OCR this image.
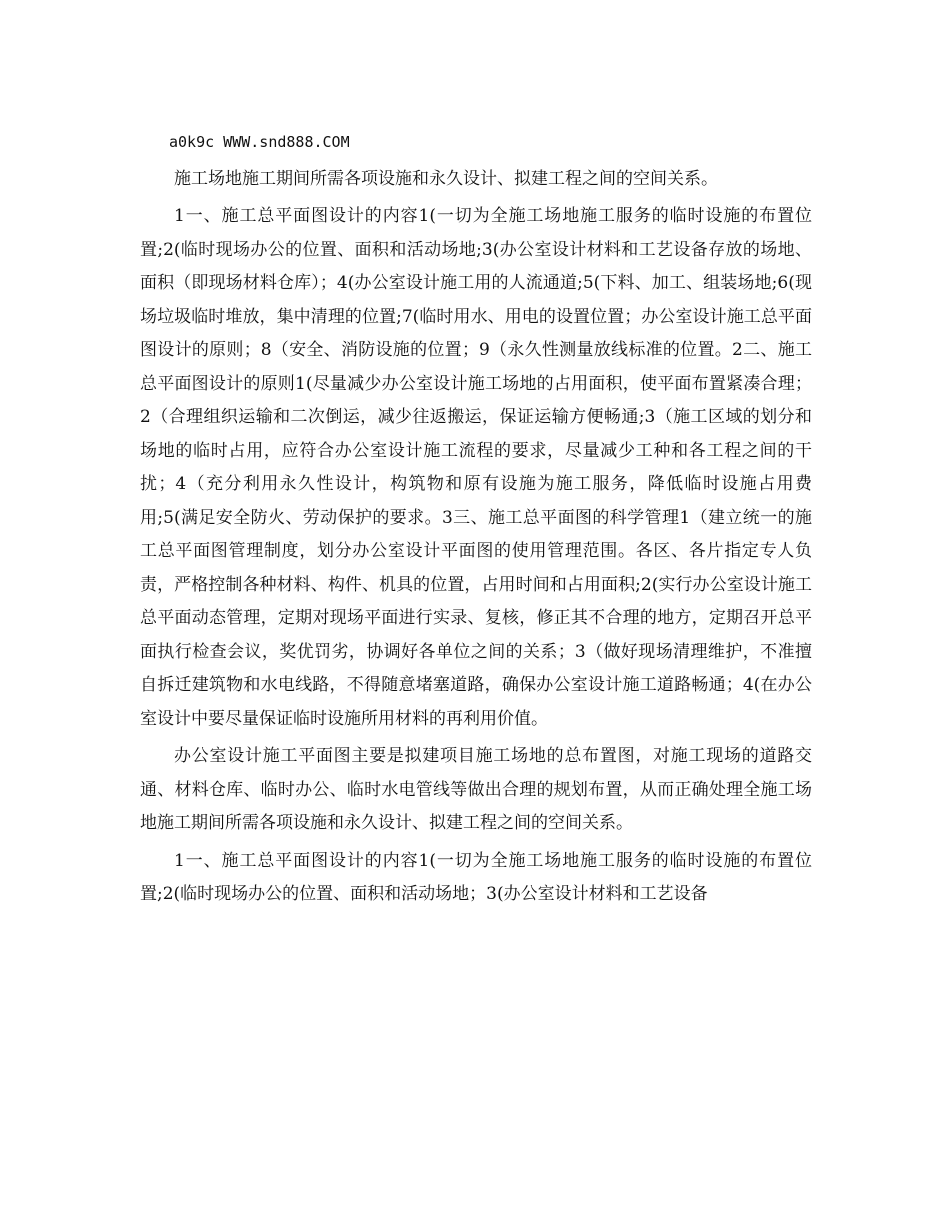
a0k9c WWW.snd888.COM

施工场地施工期间所需各项设施和永久设计、拟建工程之间的空间关系。

1一、施工总平面图设计的内容1(一切为全施工场地施工服务的临时设施的布置位置;2(临时现场办公的位置、面积和活动场地;3(办公室设计材料和工艺设备存放的场地、面积（即现场材料仓库）；4(办公室设计施工用的人流通道;5(下料、加工、组装场地;6(现场垃圾临时堆放，集中清理的位置;7(临时用水、用电的设置位置；办公室设计施工总平面图设计的原则；8（安全、消防设施的位置；9（永久性测量放线标准的位置。2二、施工总平面图设计的原则1(尽量减少办公室设计施工场地的占用面积，使平面布置紧凑合理；2（合理组织运输和二次倒运，减少往返搬运，保证运输方便畅通;3（施工区域的划分和场地的临时占用，应符合办公室设计施工流程的要求，尽量减少工种和各工程之间的干扰；4（充分利用永久性设计，构筑物和原有设施为施工服务，降低临时设施占用费用;5(满足安全防火、劳动保护的要求。3三、施工总平面图的科学管理1（建立统一的施工总平面图管理制度，划分办公室设计平面图的使用管理范围。各区、各片指定专人负责，严格控制各种材料、构件、机具的位置，占用时间和占用面积;2(实行办公室设计施工总平面动态管理，定期对现场平面进行实录、复核，修正其不合理的地方，定期召开总平面执行检查会议，奖优罚劣，协调好各单位之间的关系；3（做好现场清理维护，不准擅自拆迁建筑物和水电线路，不得随意堵塞道路，确保办公室设计施工道路畅通；4(在办公室设计中要尽量保证临时设施所用材料的再利用价值。

办公室设计施工平面图主要是拟建项目施工场地的总布置图，对施工现场的道路交通、材料仓库、临时办公、临时水电管线等做出合理的规划布置，从而正确处理全施工场地施工期间所需各项设施和永久设计、拟建工程之间的空间关系。

1一、施工总平面图设计的内容1(一切为全施工场地施工服务的临时设施的布置位置;2(临时现场办公的位置、面积和活动场地；3(办公室设计材料和工艺设备
